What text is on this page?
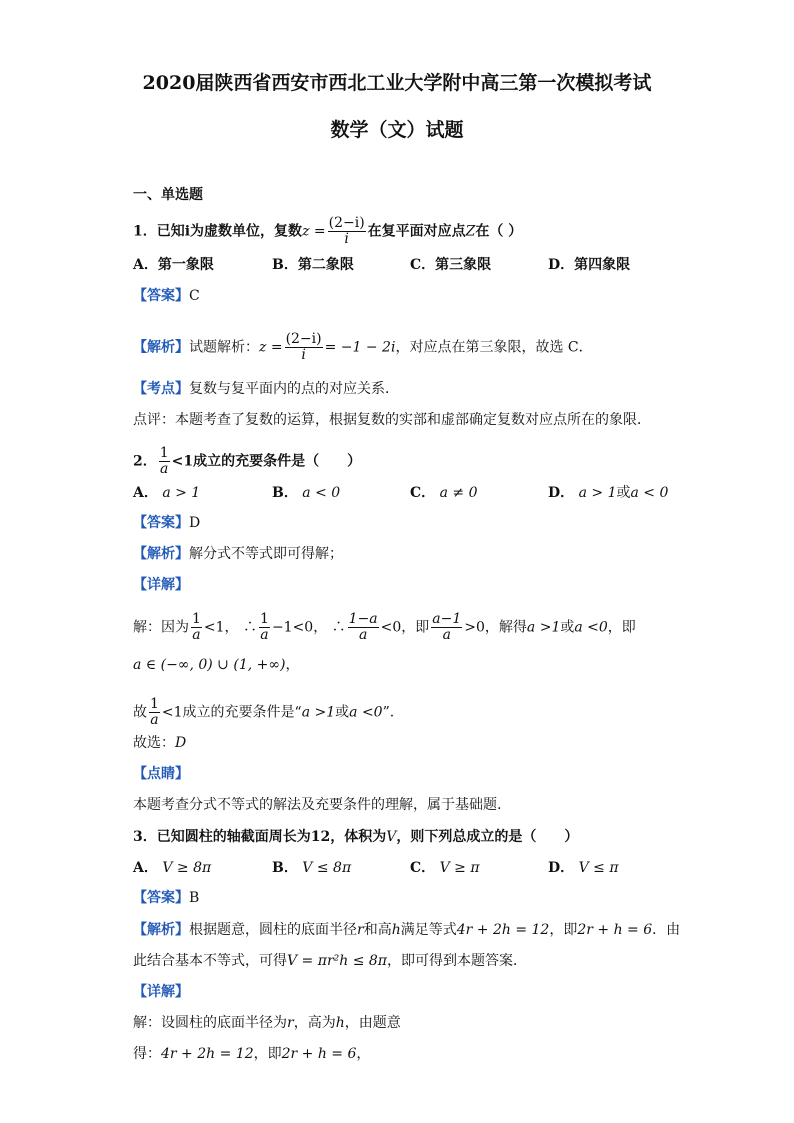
2020届陕西省西安市西北工业大学附中高三第一次模拟考试
数学（文）试题
一、单选题
1．已知i为虚数单位，复数$z = \frac{(2-i)}{i}$ 在复平面对应点Z在（ ）
A．第一象限	B．第二象限	C．第三象限	D．第四象限
【答案】C
【解析】试题解析：$z = \frac{(2-i)}{i} = -1 - 2i$，对应点在第三象限，故选 C．
【考点】复数与复平面内的点的对应关系．
点评：本题考查了复数的运算，根据复数的实部和虚部确定复数对应点所在的象限．
2． $\frac{1}{a} <1$成立的充要条件是（　　）
A． a > 1	B． a < 0	C． a ≠ 0	D． a > 1或a < 0
【答案】D
【解析】解分式不等式即可得解；
【详解】
解：因为 $\frac{1}{a} <1$， ∴ $\frac{1}{a} -1<0$， ∴ $\frac{1-a}{a} <0$，即 $\frac{a-1}{a} >0$，解得a >1或a <0，即
a ∈ (−∞, 0) ∪ (1, +∞)，
故 $\frac{1}{a} <1$成立的充要条件是“a >1或a <0”.
故选：D
【点睛】
本题考查分式不等式的解法及充要条件的理解，属于基础题.
3．已知圆柱的轴截面周长为12，体积为V，则下列总成立的是（　　）
A． V ≥ 8π	B． V ≤ 8π	C． V ≥ π	D． V ≤ π
【答案】B
【解析】根据题意，圆柱的底面半径r和高h满足等式4r + 2h = 12，即2r + h = 6．由
此结合基本不等式，可得V = πr²h ≤ 8π，即可得到本题答案．
【详解】
解：设圆柱的底面半径为r，高为h，由题意
得：4r + 2h = 12，即2r + h = 6，
